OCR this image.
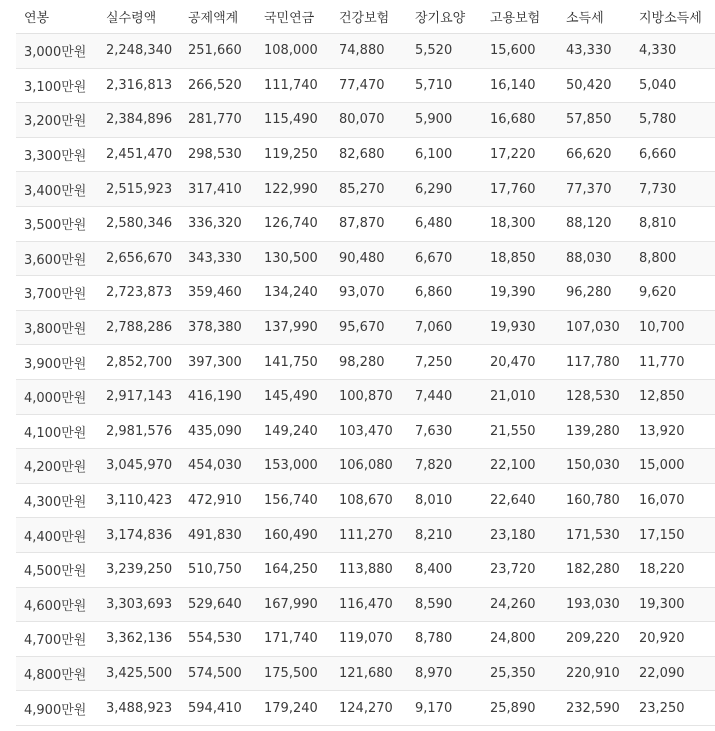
연봉	실수령액	공제액계	국민연금	건강보험	장기요양	고용보험	소득세	지방소득세
3,000만원	2,248,340	251,660	108,000	74,880	5,520	15,600	43,330	4,330
3,100만원	2,316,813	266,520	111,740	77,470	5,710	16,140	50,420	5,040
3,200만원	2,384,896	281,770	115,490	80,070	5,900	16,680	57,850	5,780
3,300만원	2,451,470	298,530	119,250	82,680	6,100	17,220	66,620	6,660
3,400만원	2,515,923	317,410	122,990	85,270	6,290	17,760	77,370	7,730
3,500만원	2,580,346	336,320	126,740	87,870	6,480	18,300	88,120	8,810
3,600만원	2,656,670	343,330	130,500	90,480	6,670	18,850	88,030	8,800
3,700만원	2,723,873	359,460	134,240	93,070	6,860	19,390	96,280	9,620
3,800만원	2,788,286	378,380	137,990	95,670	7,060	19,930	107,030	10,700
3,900만원	2,852,700	397,300	141,750	98,280	7,250	20,470	117,780	11,770
4,000만원	2,917,143	416,190	145,490	100,870	7,440	21,010	128,530	12,850
4,100만원	2,981,576	435,090	149,240	103,470	7,630	21,550	139,280	13,920
4,200만원	3,045,970	454,030	153,000	106,080	7,820	22,100	150,030	15,000
4,300만원	3,110,423	472,910	156,740	108,670	8,010	22,640	160,780	16,070
4,400만원	3,174,836	491,830	160,490	111,270	8,210	23,180	171,530	17,150
4,500만원	3,239,250	510,750	164,250	113,880	8,400	23,720	182,280	18,220
4,600만원	3,303,693	529,640	167,990	116,470	8,590	24,260	193,030	19,300
4,700만원	3,362,136	554,530	171,740	119,070	8,780	24,800	209,220	20,920
4,800만원	3,425,500	574,500	175,500	121,680	8,970	25,350	220,910	22,090
4,900만원	3,488,923	594,410	179,240	124,270	9,170	25,890	232,590	23,250
